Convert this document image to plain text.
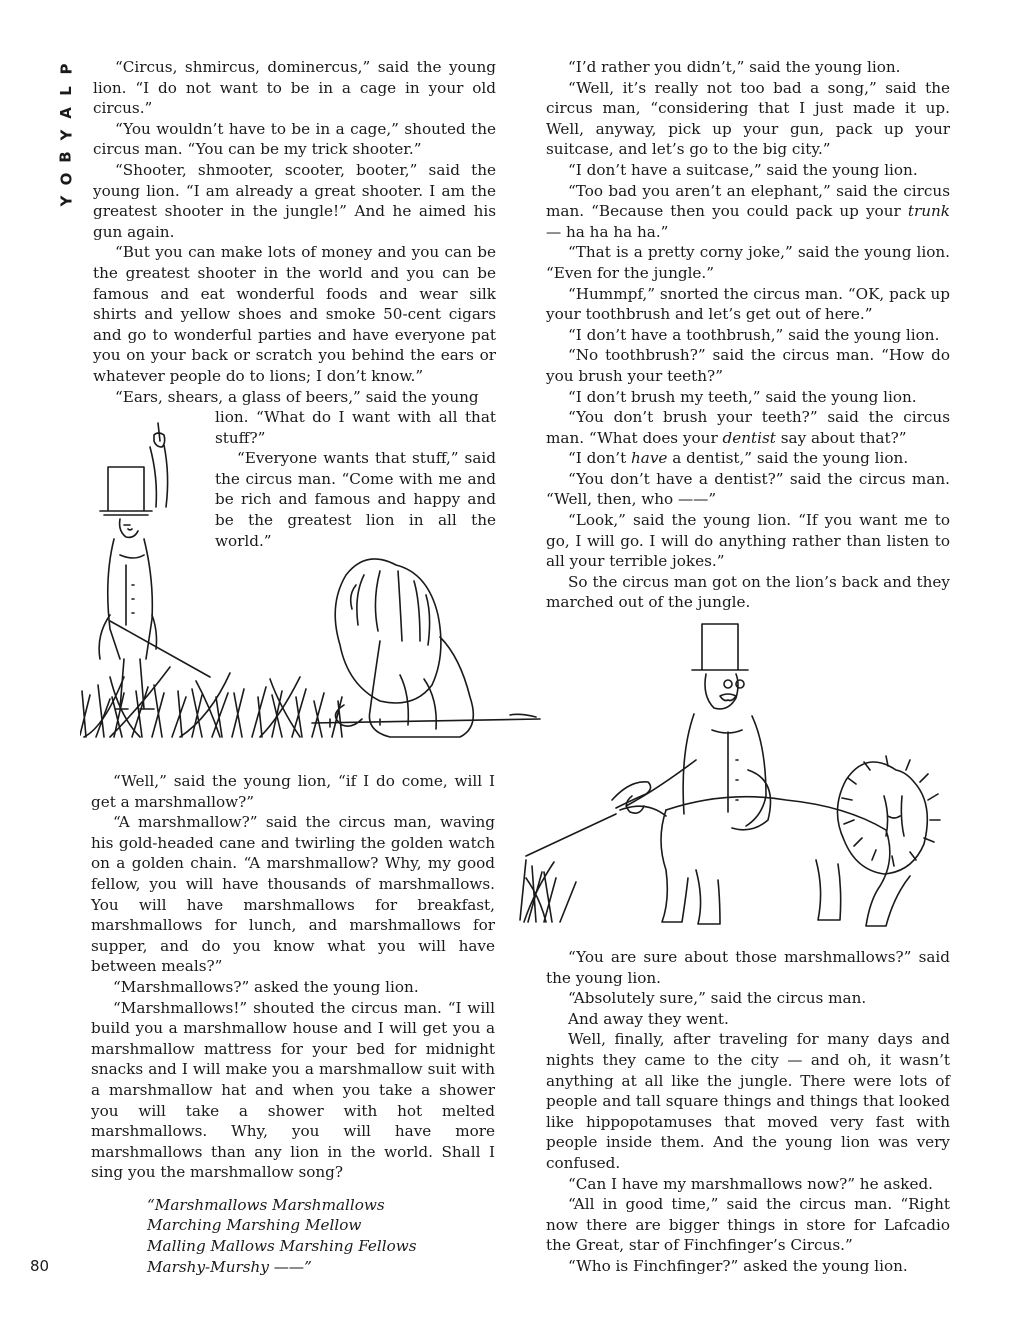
P
L
A
Y
B
O
Y

“Circus, shmircus, dominercus,” said the young lion. “I do not want to be in a cage in your old circus.”

“You wouldn’t have to be in a cage,” shouted the circus man. “You can be my trick shooter.”

“Shooter, shmooter, scooter, booter,” said the young lion. “I am already a great shooter. I am the greatest shooter in the jungle!” And he aimed his gun again.

“But you can make lots of money and you can be the greatest shooter in the world and you can be famous and eat wonderful foods and wear silk shirts and yellow shoes and smoke 50-cent cigars and go to wonderful parties and have everyone pat you on your back or scratch you behind the ears or whatever people do to lions; I don’t know.”

“Ears, shears, a glass of beers,” said the young

lion. “What do I want with all that stuff?”

“Everyone wants that stuff,” said the circus man. “Come with me and be rich and famous and happy and be the greatest lion in all the world.”

“Well,” said the young lion, “if I do come, will I get a marshmallow?”

“A marshmallow?” said the circus man, waving his gold-headed cane and twirling the golden watch on a golden chain. “A marshmallow? Why, my good fellow, you will have thousands of marshmallows. You will have marshmallows for breakfast, marshmallows for lunch, and marshmallows for supper, and do you know what you will have between meals?”

“Marshmallows?” asked the young lion.

“Marshmallows!” shouted the circus man. “I will build you a marshmallow house and I will get you a marshmallow mattress for your bed for midnight snacks and I will make you a marshmallow suit with a marshmallow hat and when you take a shower you will take a shower with hot melted marshmallows. Why, you will have more marshmallows than any lion in the world. Shall I sing you the marshmallow song?

“Marshmallows Marshmallows
Marching Marshing Mellow
Malling Mallows Marshing Fellows
Marshy-Murshy ——”

“I’d rather you didn’t,” said the young lion.

“Well, it’s really not too bad a song,” said the circus man, “considering that I just made it up. Well, anyway, pick up your gun, pack up your suitcase, and let’s go to the big city.”

“I don’t have a suitcase,” said the young lion.

“Too bad you aren’t an elephant,” said the circus man. “Because then you could pack up your trunk — ha ha ha ha.”

“That is a pretty corny joke,” said the young lion. “Even for the jungle.”

“Hummpf,” snorted the circus man. “OK, pack up your toothbrush and let’s get out of here.”

“I don’t have a toothbrush,” said the young lion.

“No toothbrush?” said the circus man. “How do you brush your teeth?”

“I don’t brush my teeth,” said the young lion.

“You don’t brush your teeth?” said the circus man. “What does your dentist say about that?”

“I don’t have a dentist,” said the young lion.

“You don’t have a dentist?” said the circus man. “Well, then, who ——”

“Look,” said the young lion. “If you want me to go, I will go. I will do anything rather than listen to all your terrible jokes.”

So the circus man got on the lion’s back and they marched out of the jungle.

“You are sure about those marshmallows?” said the young lion.

“Absolutely sure,” said the circus man.

And away they went.

Well, finally, after traveling for many days and nights they came to the city — and oh, it wasn’t anything at all like the jungle. There were lots of people and tall square things and things that looked like hippopotamuses that moved very fast with people inside them. And the young lion was very confused.

“Can I have my marshmallows now?” he asked.

“All in good time,” said the circus man. “Right now there are bigger things in store for Lafcadio the Great, star of Finchfinger’s Circus.”

“Who is Finchfinger?” asked the young lion.

80
